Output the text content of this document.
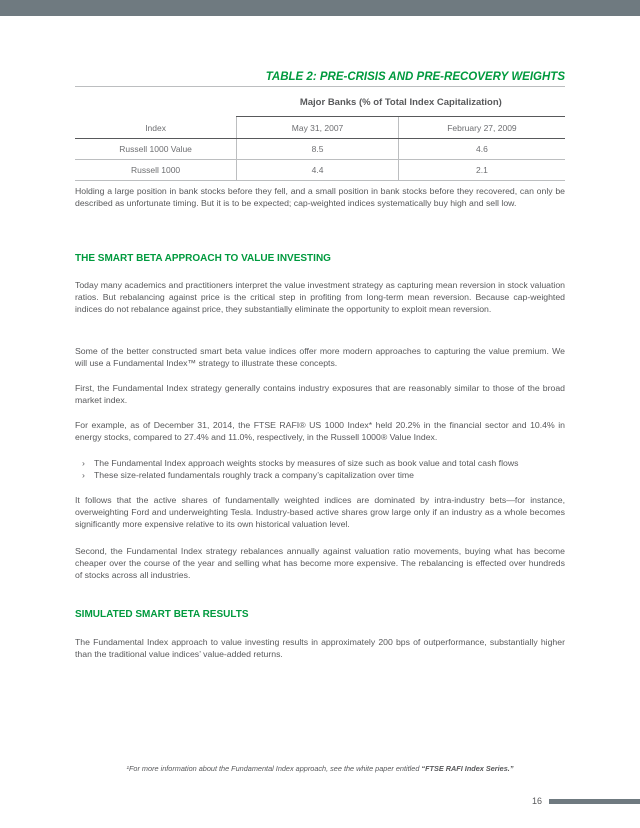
TABLE 2: PRE-CRISIS AND PRE-RECOVERY WEIGHTS
	Major Banks (% of Total Index Capitalization)	
Index	May 31, 2007	February 27, 2009
Russell 1000 Value	8.5	4.6
Russell 1000	4.4	2.1
Holding a large position in bank stocks before they fell, and a small position in bank stocks before they recovered, can only be described as unfortunate timing. But it is to be expected; cap-weighted indices systematically buy high and sell low.
THE SMART BETA APPROACH TO VALUE INVESTING
Today many academics and practitioners interpret the value investment strategy as capturing mean reversion in stock valuation ratios. But rebalancing against price is the critical step in profiting from long-term mean reversion. Because cap-weighted indices do not rebalance against price, they substantially eliminate the opportunity to exploit mean reversion.
Some of the better constructed smart beta value indices offer more modern approaches to capturing the value premium. We will use a Fundamental Index™ strategy to illustrate these concepts.
First, the Fundamental Index strategy generally contains industry exposures that are reasonably similar to those of the broad market index.
For example, as of December 31, 2014, the FTSE RAFI® US 1000 Index* held 20.2% in the financial sector and 10.4% in energy stocks, compared to 27.4% and 11.0%, respectively, in the Russell 1000® Value Index.
› The Fundamental Index approach weights stocks by measures of size such as book value and total cash flows
› These size-related fundamentals roughly track a company’s capitalization over time
It follows that the active shares of fundamentally weighted indices are dominated by intra-industry bets—for instance, overweighting Ford and underweighting Tesla. Industry-based active shares grow large only if an industry as a whole becomes significantly more expensive relative to its own historical valuation level.
Second, the Fundamental Index strategy rebalances annually against valuation ratio movements, buying what has become cheaper over the course of the year and selling what has become more expensive. The rebalancing is effected over hundreds of stocks across all industries.
SIMULATED SMART BETA RESULTS
The Fundamental Index approach to value investing results in approximately 200 bps of outperformance, substantially higher than the traditional value indices’ value-added returns.
¹For more information about the Fundamental Index approach, see the white paper entitled “FTSE RAFI Index Series.”
16
